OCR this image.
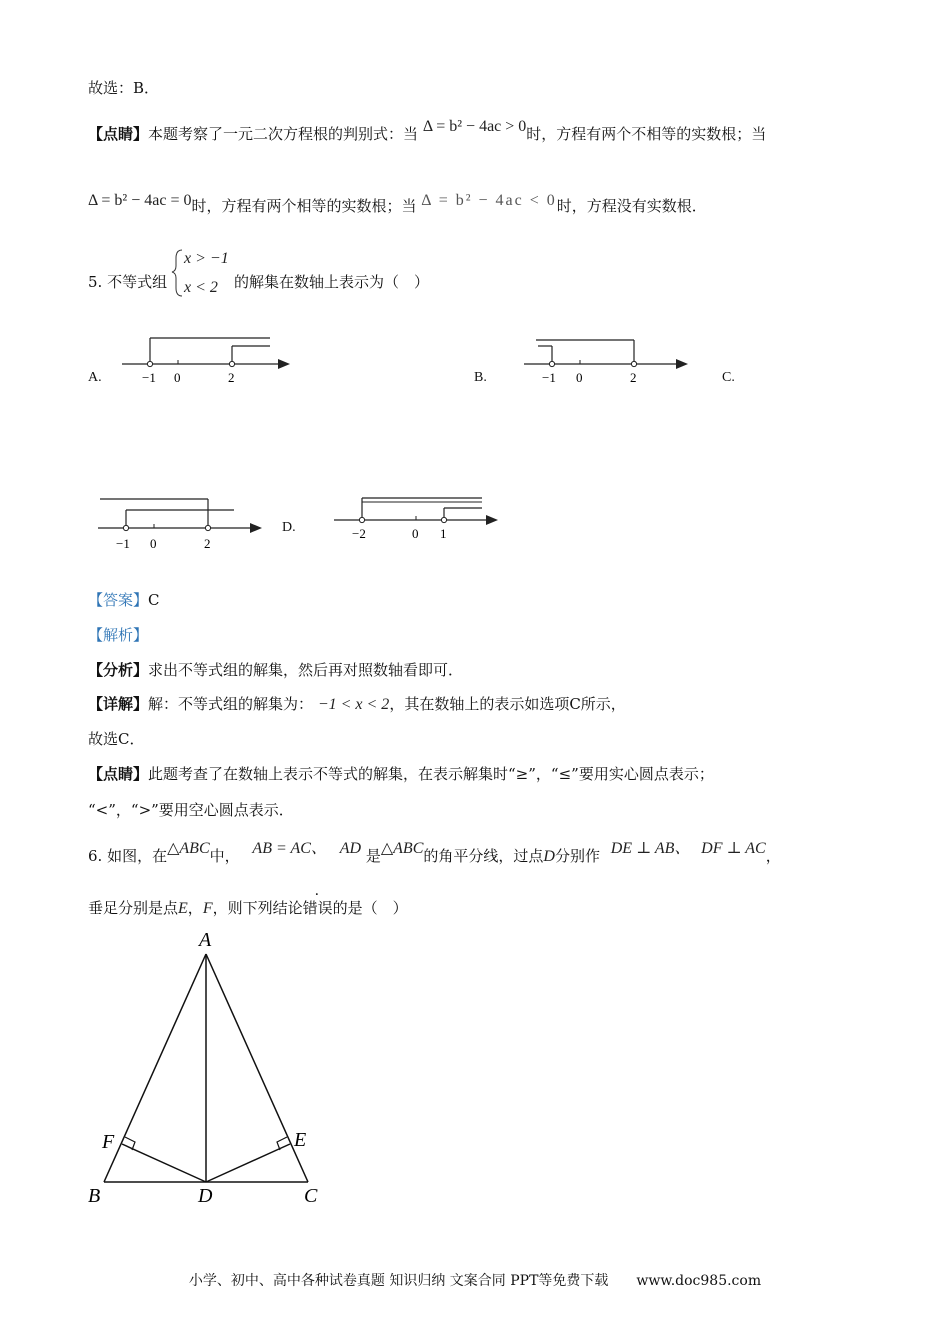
故选：B．
【点睛】本题考察了一元二次方程根的判别式：当 Δ = b² − 4ac > 0时，方程有两个不相等的实数根；当
Δ = b² − 4ac = 0时，方程有两个相等的实数根；当 Δ = b² − 4ac < 0时，方程没有实数根．
5. 不等式组
x > −1
x < 2 的解集在数轴上表示为（　）
A.	−1 0	2	B.	−1 0	2	C.
−1 0	2
D.	−2	0 1
【答案】C
【解析】
【分析】求出不等式组的解集，然后再对照数轴看即可．
【详解】解：不等式组的解集为： −1 < x < 2，其在数轴上的表示如选项C所示，
故选C．
【点睛】此题考查了在数轴上表示不等式的解集，在表示解集时“≥”，“≤”要用实心圆点表示；
“<”，“>”要用空心圆点表示．
6. 如图，在△ABC中， AB = AC、 AD 是△ABC的角平分线，过点D分别作 DE ⊥ AB、 DF ⊥ AC，
垂足分别是点E，F，则下列结论错误的是（　）
A
B	C
D
E
F
小学、初中、高中各种试卷真题 知识归纳 文案合同 PPT等免费下载　　www.doc985.com
